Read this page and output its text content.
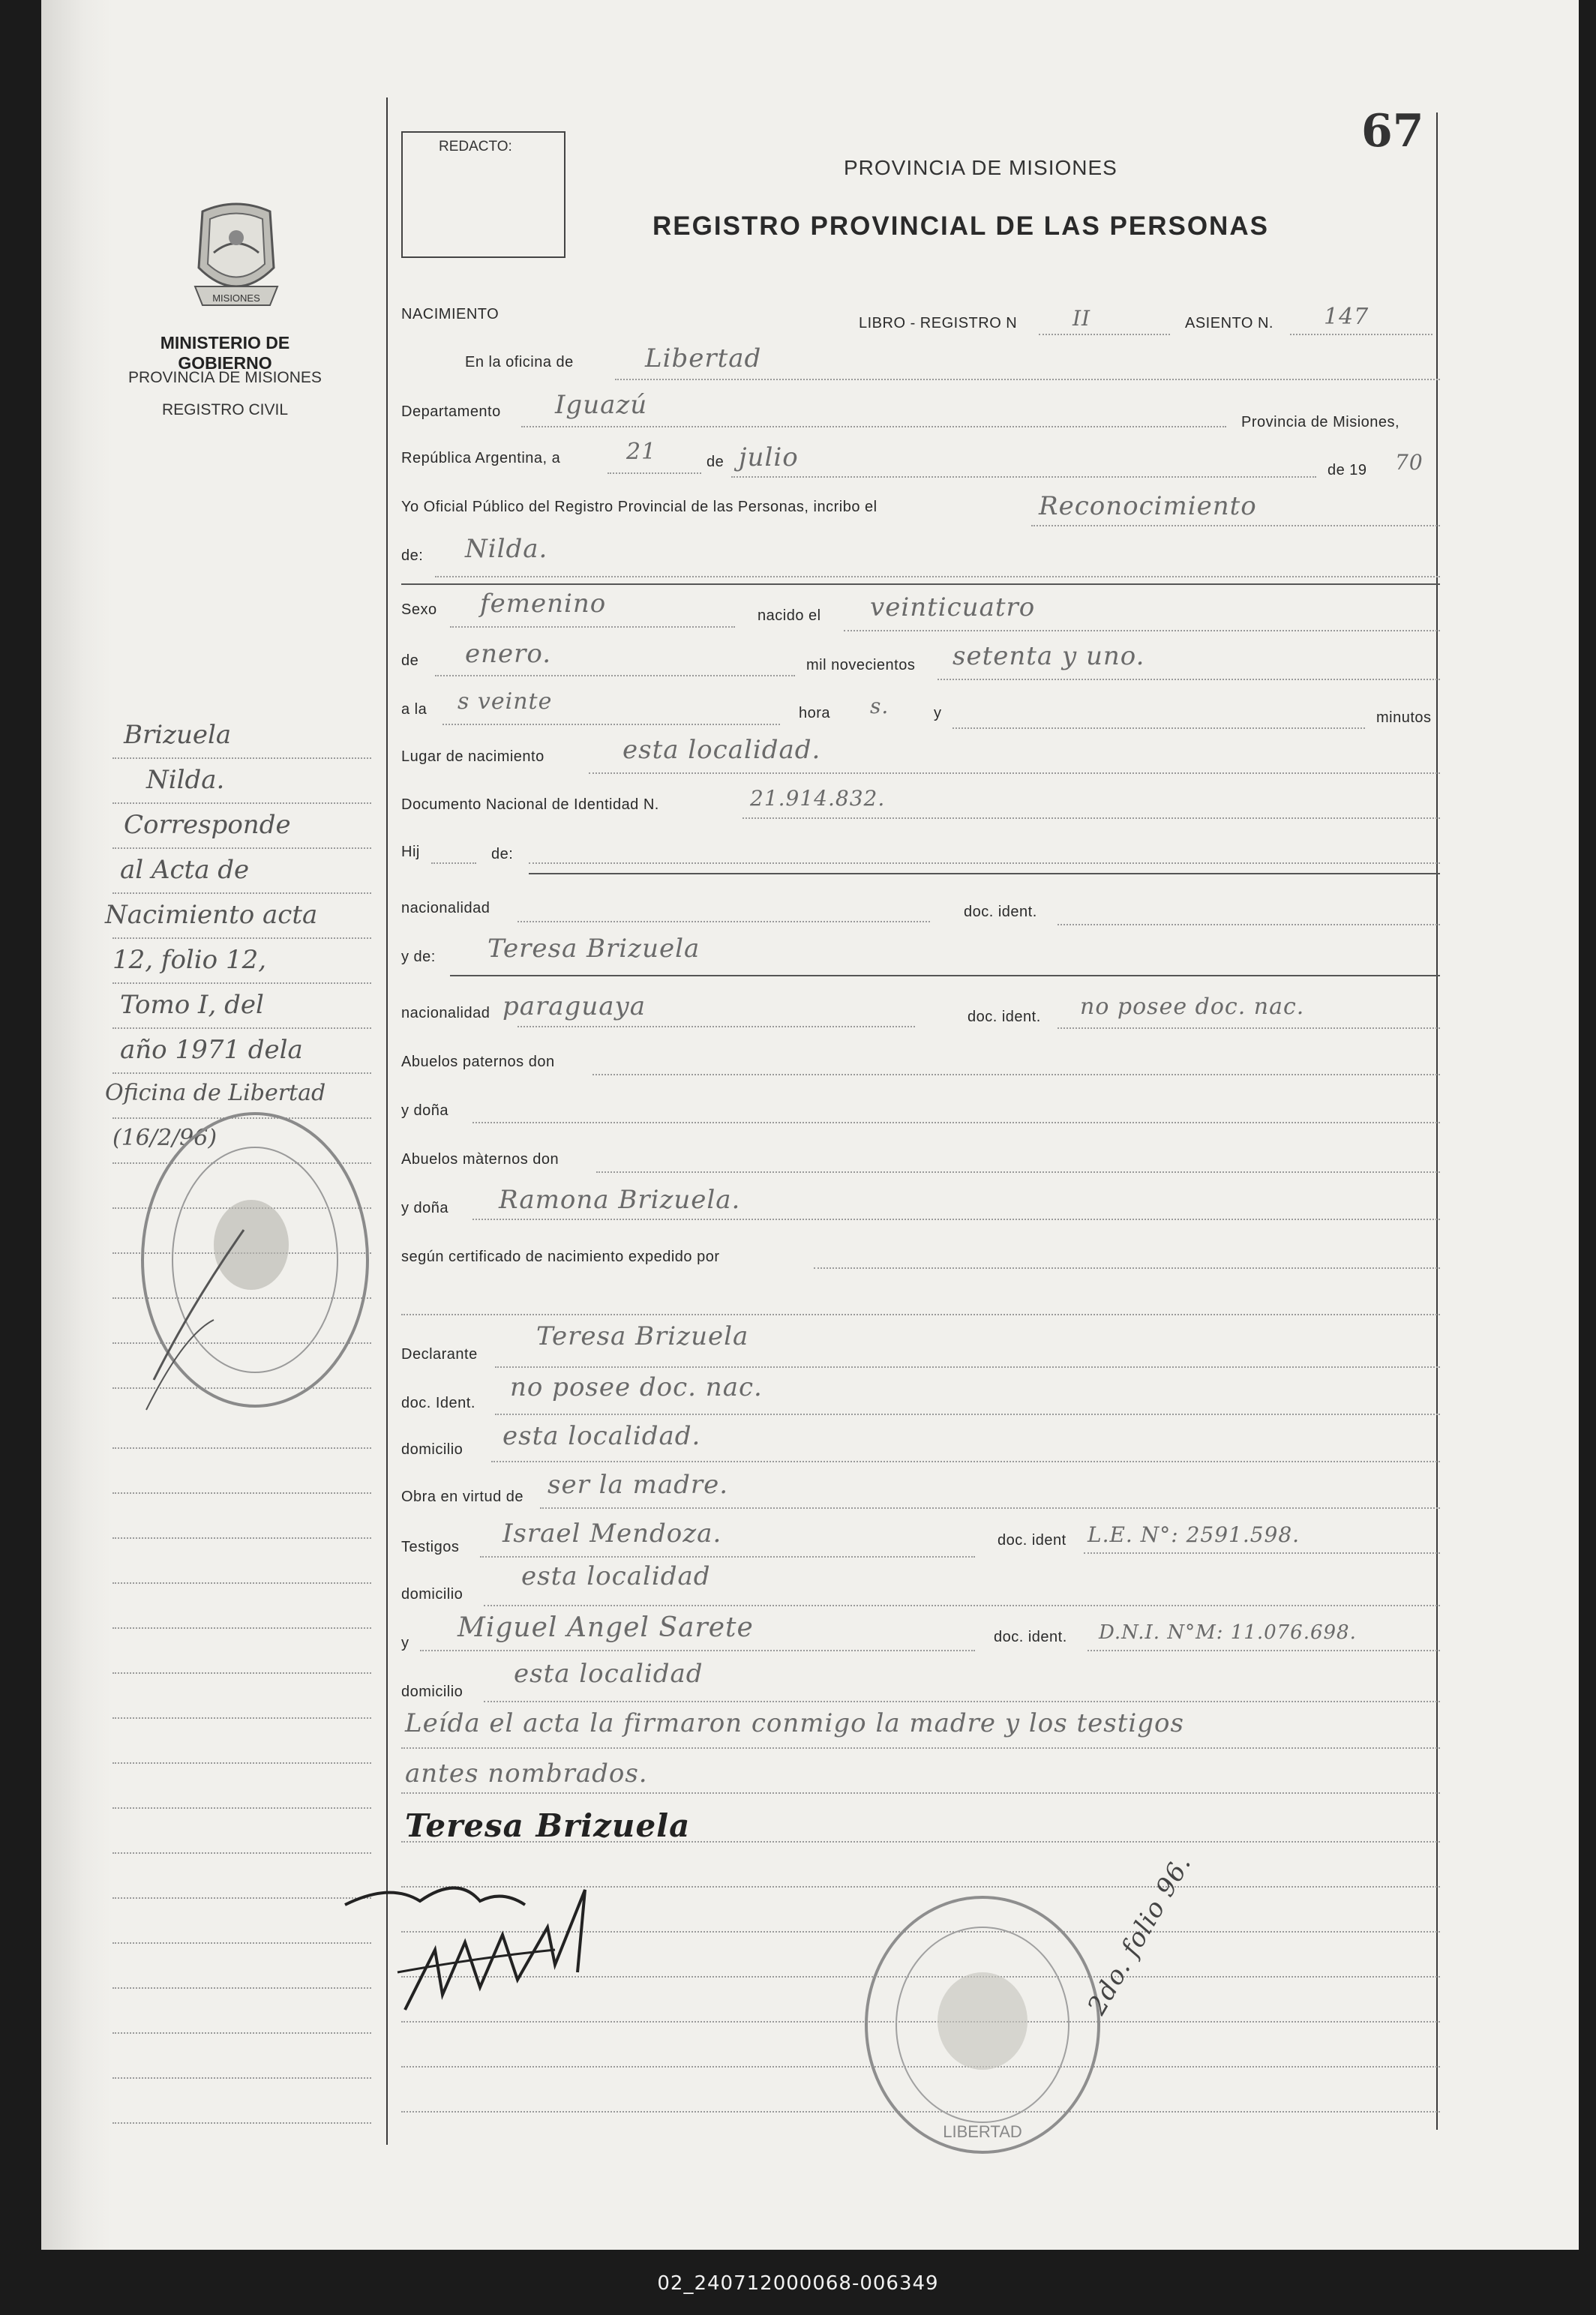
67
REDACTO:
PROVINCIA DE MISIONES
REGISTRO PROVINCIAL DE LAS PERSONAS
MISIONES
MINISTERIO DE GOBIERNO
PROVINCIA DE MISIONES
REGISTRO CIVIL
Brizuela
Nilda.
Corresponde
al Acta de
Nacimiento acta
12, folio 12,
Tomo I, del
año 1971 dela
Oficina de Libertad
(16/2/96)
NACIMIENTO
LIBRO - REGISTRO N	II	ASIENTO N. 147
En la oficina de	Libertad
Departamento Iguazú
Provincia de Misiones,
República Argentina, a	21	de julio	de 19 70
Yo Oficial Público del Registro Provincial de las Personas, incribo el	Reconocimiento
de: Nilda.
Sexo femenino	nacido el veinticuatro
de enero.	mil novecientos setenta y uno.
a la s veinte	hora s.	y	minutos
Lugar de nacimiento	esta localidad.
Documento Nacional de Identidad N.	21.914.832.
Hij	de:
nacionalidad	doc. ident.
y de: Teresa Brizuela
nacionalidad paraguaya	doc. ident. no posee doc. nac.
Abuelos paternos don
y doña
Abuelos màternos don
y doña Ramona Brizuela.
según certificado de nacimiento expedido por
Declarante
Teresa Brizuela
doc. Ident.
no posee doc. nac.
domicilio esta localidad.
Obra en virtud de ser la madre.
Testigos Israel Mendoza.	doc. ident L.E. N°: 2591.598.
domicilio
esta localidad
y Miguel Angel Sarete	doc. ident. D.N.I. N°M: 11.076.698.
domicilio
esta localidad
Leída el acta la firmaron conmigo la madre y los testigos
antes nombrados.
Teresa Brizuela
LIBERTAD
2do. folio 96.
02_240712000068-006349
